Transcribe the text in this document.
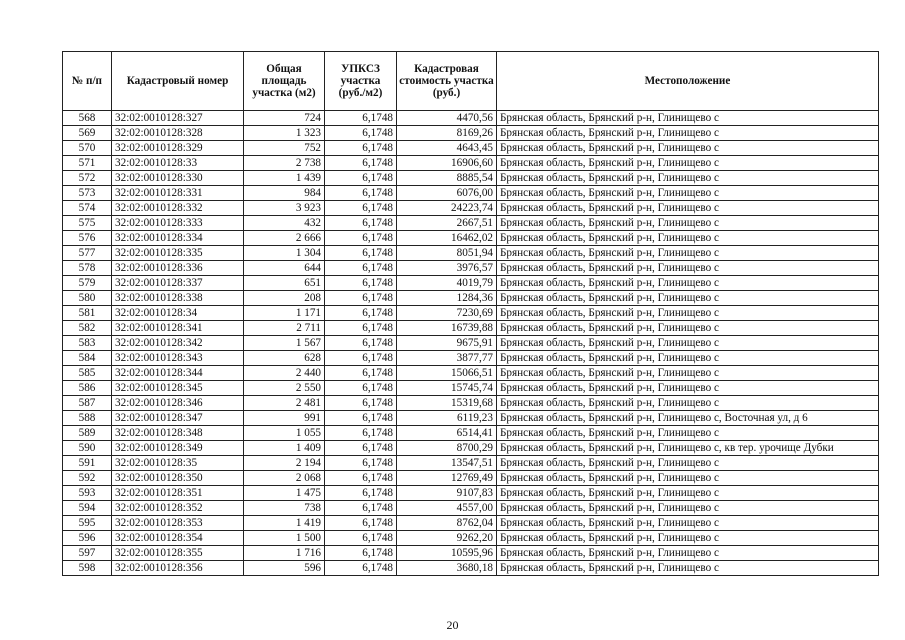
№ п/п	Кадастровый номер	Общая площадь участка (м2)	УПКСЗ участка (руб./м2)	Кадастровая стоимость участка (руб.)	Местоположение
568	32:02:0010128:327	724	6,1748	4470,56	Брянская область, Брянский р-н, Глинищево с
569	32:02:0010128:328	1 323	6,1748	8169,26	Брянская область, Брянский р-н, Глинищево с
570	32:02:0010128:329	752	6,1748	4643,45	Брянская область, Брянский р-н, Глинищево с
571	32:02:0010128:33	2 738	6,1748	16906,60	Брянская область, Брянский р-н, Глинищево с
572	32:02:0010128:330	1 439	6,1748	8885,54	Брянская область, Брянский р-н, Глинищево с
573	32:02:0010128:331	984	6,1748	6076,00	Брянская область, Брянский р-н, Глинищево с
574	32:02:0010128:332	3 923	6,1748	24223,74	Брянская область, Брянский р-н, Глинищево с
575	32:02:0010128:333	432	6,1748	2667,51	Брянская область, Брянский р-н, Глинищево с
576	32:02:0010128:334	2 666	6,1748	16462,02	Брянская область, Брянский р-н, Глинищево с
577	32:02:0010128:335	1 304	6,1748	8051,94	Брянская область, Брянский р-н, Глинищево с
578	32:02:0010128:336	644	6,1748	3976,57	Брянская область, Брянский р-н, Глинищево с
579	32:02:0010128:337	651	6,1748	4019,79	Брянская область, Брянский р-н, Глинищево с
580	32:02:0010128:338	208	6,1748	1284,36	Брянская область, Брянский р-н, Глинищево с
581	32:02:0010128:34	1 171	6,1748	7230,69	Брянская область, Брянский р-н, Глинищево с
582	32:02:0010128:341	2 711	6,1748	16739,88	Брянская область, Брянский р-н, Глинищево с
583	32:02:0010128:342	1 567	6,1748	9675,91	Брянская область, Брянский р-н, Глинищево с
584	32:02:0010128:343	628	6,1748	3877,77	Брянская область, Брянский р-н, Глинищево с
585	32:02:0010128:344	2 440	6,1748	15066,51	Брянская область, Брянский р-н, Глинищево с
586	32:02:0010128:345	2 550	6,1748	15745,74	Брянская область, Брянский р-н, Глинищево с
587	32:02:0010128:346	2 481	6,1748	15319,68	Брянская область, Брянский р-н, Глинищево с
588	32:02:0010128:347	991	6,1748	6119,23	Брянская область, Брянский р-н, Глинищево с, Восточная ул, д 6
589	32:02:0010128:348	1 055	6,1748	6514,41	Брянская область, Брянский р-н, Глинищево с
590	32:02:0010128:349	1 409	6,1748	8700,29	Брянская область, Брянский р-н, Глинищево с, кв тер. урочище Дубки
591	32:02:0010128:35	2 194	6,1748	13547,51	Брянская область, Брянский р-н, Глинищево с
592	32:02:0010128:350	2 068	6,1748	12769,49	Брянская область, Брянский р-н, Глинищево с
593	32:02:0010128:351	1 475	6,1748	9107,83	Брянская область, Брянский р-н, Глинищево с
594	32:02:0010128:352	738	6,1748	4557,00	Брянская область, Брянский р-н, Глинищево с
595	32:02:0010128:353	1 419	6,1748	8762,04	Брянская область, Брянский р-н, Глинищево с
596	32:02:0010128:354	1 500	6,1748	9262,20	Брянская область, Брянский р-н, Глинищево с
597	32:02:0010128:355	1 716	6,1748	10595,96	Брянская область, Брянский р-н, Глинищево с
598	32:02:0010128:356	596	6,1748	3680,18	Брянская область, Брянский р-н, Глинищево с
20
